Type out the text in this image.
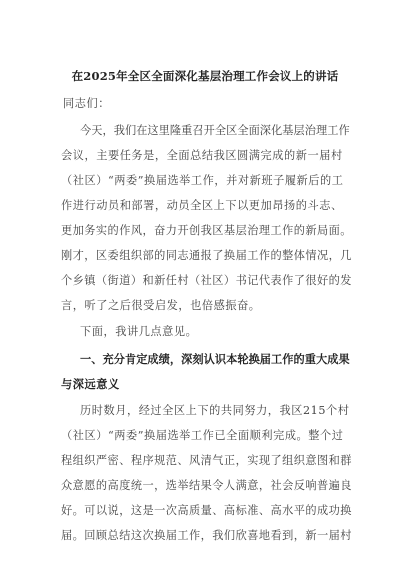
在2025年全区全面深化基层治理工作会议上的讲话
同志们：
今天，我们在这里隆重召开全区全面深化基层治理工作
会议，主要任务是，全面总结我区圆满完成的新一届村
（社区）“两委”换届选举工作，并对新班子履新后的工
作进行动员和部署，动员全区上下以更加昂扬的斗志、
更加务实的作风，奋力开创我区基层治理工作的新局面。
刚才，区委组织部的同志通报了换届工作的整体情况，几
个乡镇（街道）和新任村（社区）书记代表作了很好的发
言，听了之后很受启发，也倍感振奋。
下面，我讲几点意见。
一、充分肯定成绩，深刻认识本轮换届工作的重大成果
与深远意义
历时数月，经过全区上下的共同努力，我区215个村
（社区）“两委”换届选举工作已全面顺利完成。整个过
程组织严密、程序规范、风清气正，实现了组织意图和群
众意愿的高度统一，选举结果令人满意，社会反响普遍良
好。可以说，这是一次高质量、高标准、高水平的成功换
届。回顾总结这次换届工作，我们欣喜地看到，新一届村
